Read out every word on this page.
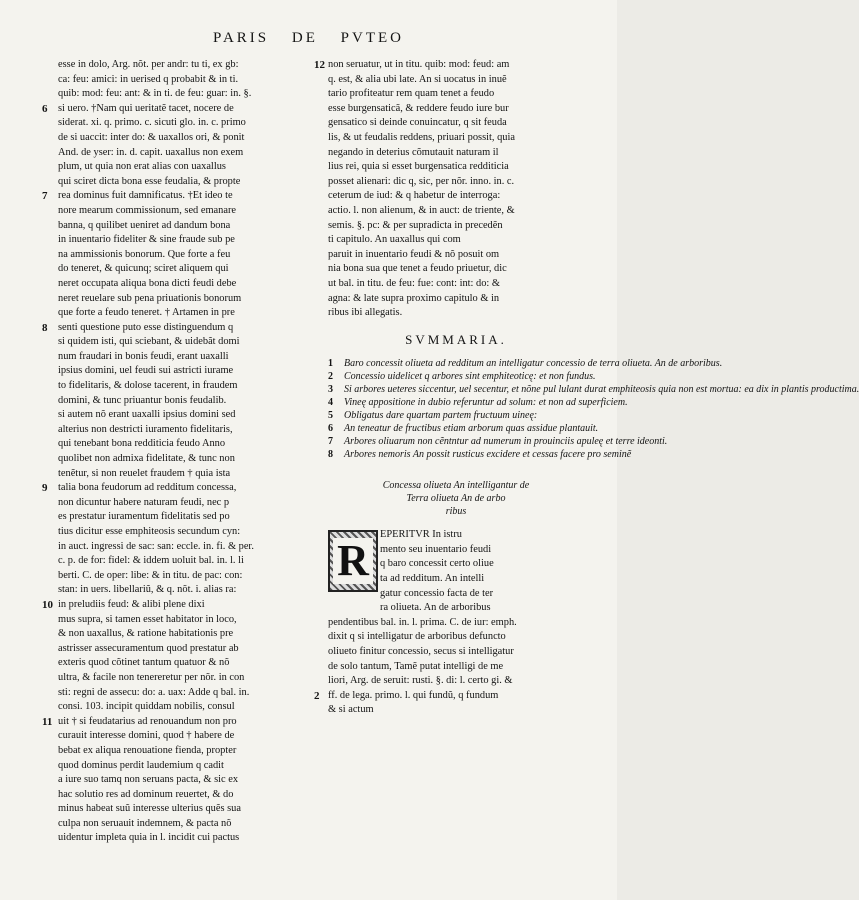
PARIS DE PVTEO
esse in dolo, Arg. nõt. per andr: tu ti, ex gb:
ca: feu: amici: in uerised q probabit & in ti.
quib: mod: feu: ant: & in ti. de feu: guar: in. §.
6 si uero. †Nam qui ueritatẽ tacet, nocere de
siderat. xi. q. primo. c. sicuti glo. in. c. primo
de si uaccit: inter do: & uaxallos ori, & ponit
And. de yser: in. d. capit. uaxallus non exem
plum, ut quia non erat alias con uaxallus
qui sciret dicta bona esse feudalia, & propte
7 rea dominus fuit damnificatus. †Et ideo te
nore mearum commissionum, sed emanare
banna, q quilibet ueniret ad dandum bona
in inuentario fideliter & sine fraude sub pe
na ammissionis bonorum. Que forte a feu
do teneret, & quicunq; sciret aliquem qui
neret occupata aliqua bona dicti feudi debe
neret reuelare sub pena priuationis bonorum
que forte a feudo teneret. † Artamen in pre
8 senti questione puto esse distinguendum q
si quidem isti, qui sciebant, & uidebãt domi
num fraudari in bonis feudi, erant uaxalli
ipsius domini, uel feudi sui astricti iurame
to fidelitaris, & dolose tacerent, in fraudem
domini, & tunc priuantur bonis feudalib.
si autem nõ erant uaxalli ipsius domini sed
alterius non destricti iuramento fidelitaris,
qui tenebant bona redditicia feudo Anno
quolibet non admixa fidelitate, & tunc non
tenẽtur, si non reuelet fraudem † quia ista
9 talia bona feudorum ad redditum concessa,
non dicuntur habere naturam feudi, nec p
es prestatur iuramentum fidelitatis sed po
tius dicitur esse emphiteosis secundum cyn:
in auct. ingressi de sac: san: eccle. in. fi. & per.
c. p. de for: fidel: & iddem uoluit bal. in. l. li
berti. C. de oper: libe: & in titu. de pac: con:
stan: in uers. libellariũ, & q. nõt. i. alias ra:
10 in preludiis feud: & alibi plene dixi
mus supra, si tamen esset habitator in loco,
& non uaxallus, & ratione habitationis pre
astrisser assecuramentum quod prestatur ab
exteris quod cõtinet tantum quatuor & nõ
ultra, & facile non tenereretur per nõr. in con
sti: regni de assecu: do: a. uax: Adde q bal. in.
consi. 103. incipit quiddam nobilis, consul
11 uit † si feudatarius ad renouandum non pro
curauit interesse domini, quod † habere de
bebat ex aliqua renouatione fienda, propter
quod dominus perdit laudemium q cadit
a iure suo tamq non seruans pacta, & sic ex
hac solutio res ad dominum reuertet, & do
minus habeat suũ interesse ulterius quẽs sua
culpa non seruauit indemnem, & pacta nõ
uidentur impleta quia in l. incidit cui pactus
12 non seruatur, ut in titu. quib: mod: feud: am
q. est, & alia ubi late. An si uocatus in inuẽ
tario profiteatur rem quam tenet a feudo
esse burgensaticã, & reddere feudo iure bur
gensatico si deinde conuincatur, q sit feuda
lis, & ut feudalis reddens, priuari possit, quia
negando in deterius cõmutauit naturam il
lius rei, quia si esset burgensatica redditicia
posset alienari: dic q, sic, per nõr. inno. in. c.
ceterum de iud: & q habetur de interroga:
actio. l. non alienum, & in auct: de triente, &
semis. §. pc: & per supradicta in precedẽn
ti capitulo. An uaxallus qui com
paruit in inuentario feudi & nõ posuit om
nia bona sua que tenet a feudo priuetur, dic
ut bal. in titu. de feu: fue: cont: int: do: &
agna: & late supra proximo capitulo & in
ribus ibi allegatis.
SVMMARIA.
1 Baro concessit oliueta ad redditum an intelligatur concessio de terra oliueta. An de arboribus.
2 Concessio uidelicet q arbores sint emphiteoticę: et non fundus.
3 Si arbores ueteres siccentur, uel secentur, et nõne pul lulant durat emphiteosis quia non est mortua: ea dix in plantis productima.
4 Vineę appositione in dubio referuntur ad solum: et non ad superficiem.
5 Obligatus dare quartam partem fructuum uineę:
6 An teneatur de fructibus etiam arborum quas assidue plantauit.
7 Arbores oliuarum non cẽntntur ad numerum in prouinciis apuleę et terre ideonti.
8 Arbores nemoris An possit rusticus excidere et cessas facere pro seminẽ
Concessa oliueta An intelligantur de
Terra oliueta An de arbo
ribus
R
EPERITVR In istru
mento seu inuentario feudi
q baro concessit certo oliue
ta ad redditum. An intelli
gatur concessio facta de ter
ra oliueta. An de arboribus
pendentibus bal. in. l. prima. C. de iur: emph.
dixit q si intelligatur de arboribus defuncto
oliueto finitur concessio, secus si intelligatur
de solo tantum, Tamẽ putat intelligi de me
liori, Arg. de seruit: rusti. §. di: l. certo gi. &
2 ff. de lega. primo. l. qui fundũ, q fundum
& si actum
